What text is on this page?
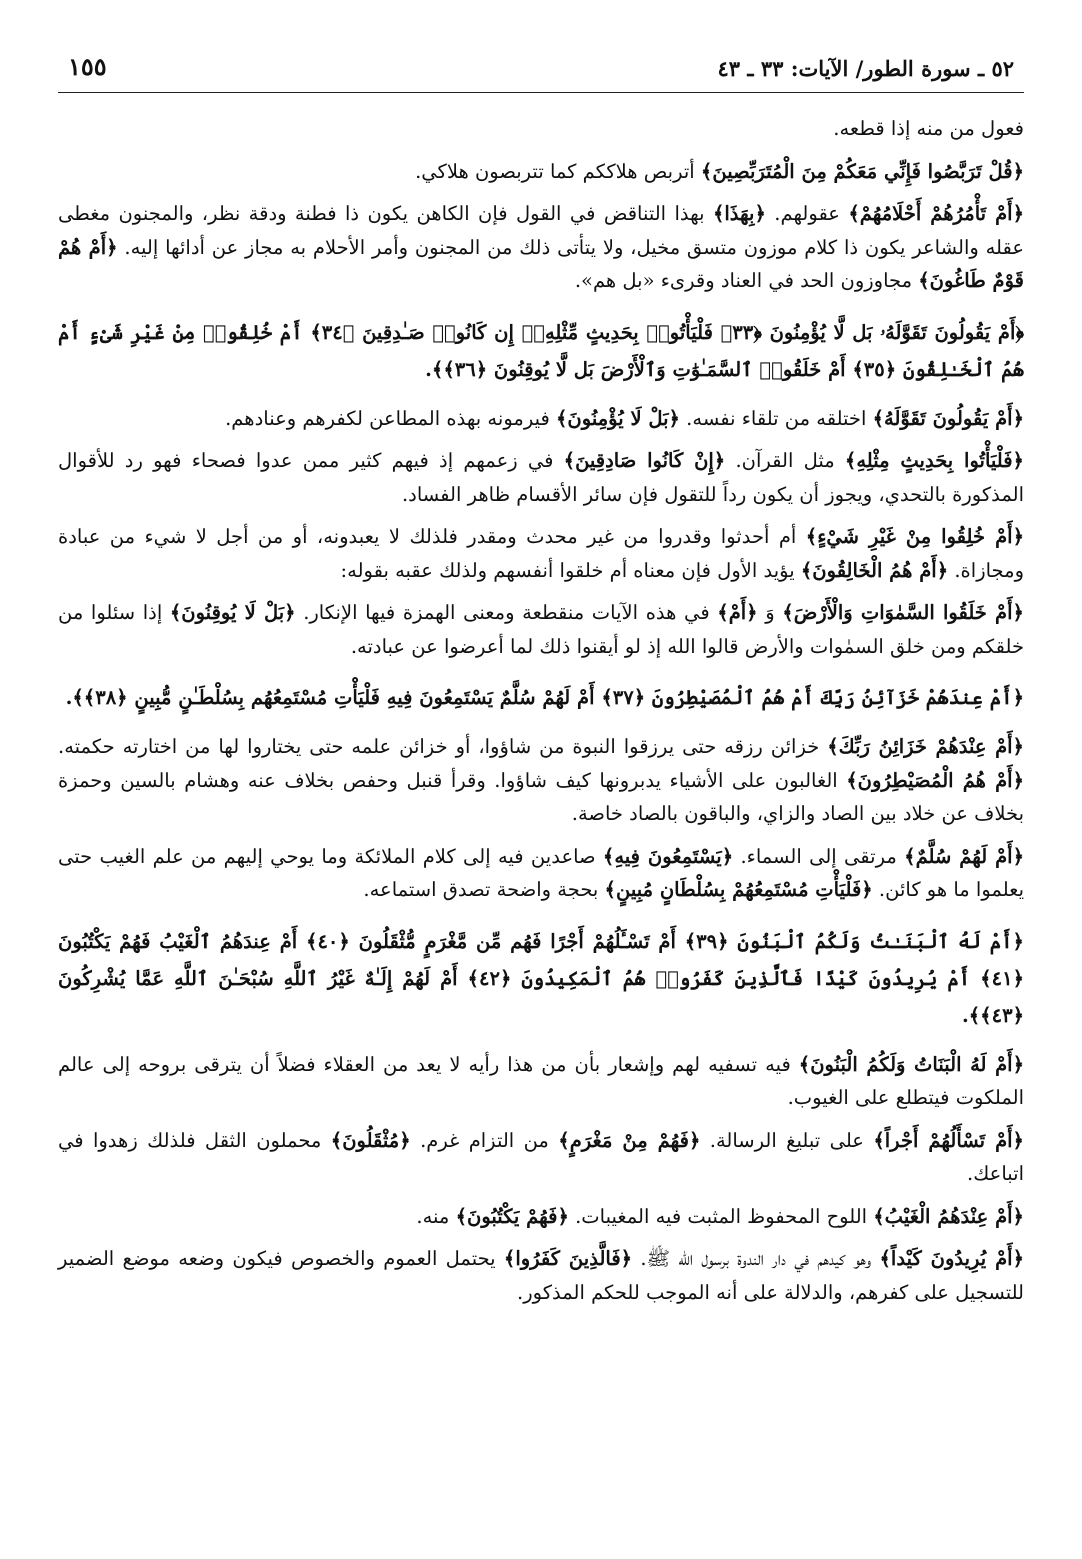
٥٢ ـ سورة الطور/ الآيات: ٣٣ ـ ٤٣
١٥٥

فعول من منه إذا قطعه.

﴿قُلْ تَرَبَّصُوا فَإِنِّي مَعَكُمْ مِنَ الْمُتَرَبِّصِينَ﴾ أتربص هلاككم كما تتربصون هلاكي.

﴿أَمْ تَأْمُرُهُمْ أَحْلَامُهُمْ﴾ عقولهم. ﴿بِهَذَا﴾ بهذا التناقض في القول فإن الكاهن يكون ذا فطنة ودقة نظر، والمجنون مغطى عقله والشاعر يكون ذا كلام موزون متسق مخيل، ولا يتأتى ذلك من المجنون وأمر الأحلام به مجاز عن أدائها إليه. ﴿أَمْ هُمْ قَوْمٌ طَاغُونَ﴾ مجاوزون الحد في العناد وقرىء «بل هم».

﴿أَمْ يَقُولُونَ تَقَوَّلَهُۥ بَل لَّا يُؤْمِنُونَ ﴿٣٣﴾ فَلْيَأْتُوا۟ بِحَدِيثٍ مِّثْلِهِۦٓ إِن كَانُوا۟ صَـٰدِقِينَ ﴿٣٤﴾ أَمْ خُلِقُوا۟ مِنْ غَيْرِ شَىْءٍ أَمْ هُمُ ٱلْخَـٰلِقُونَ ﴿٣٥﴾ أَمْ خَلَقُوا۟ ٱلسَّمَـٰوَٰتِ وَٱلْأَرْضَ بَل لَّا يُوقِنُونَ ﴿٣٦﴾﴾.

﴿أَمْ يَقُولُونَ تَقَوَّلَهُ﴾ اختلقه من تلقاء نفسه. ﴿بَلْ لَا يُؤْمِنُونَ﴾ فيرمونه بهذه المطاعن لكفرهم وعنادهم.

﴿فَلْيَأْتُوا بِحَدِيثٍ مِثْلِهِ﴾ مثل القرآن. ﴿إِنْ كَانُوا صَادِقِينَ﴾ في زعمهم إذ فيهم كثير ممن عدوا فصحاء فهو رد للأقوال المذكورة بالتحدي، ويجوز أن يكون رداً للتقول فإن سائر الأقسام ظاهر الفساد.

﴿أَمْ خُلِقُوا مِنْ غَيْرِ شَيْءٍ﴾ أم أحدثوا وقدروا من غير محدث ومقدر فلذلك لا يعبدونه، أو من أجل لا شيء من عبادة ومجازاة. ﴿أَمْ هُمُ الْخَالِقُونَ﴾ يؤيد الأول فإن معناه أم خلقوا أنفسهم ولذلك عقبه بقوله:

﴿أَمْ خَلَقُوا السَّمٰوَاتِ وَالْأَرْضَ﴾ وَ ﴿أَمْ﴾ في هذه الآيات منقطعة ومعنى الهمزة فيها الإنكار. ﴿بَلْ لَا يُوقِنُونَ﴾ إذا سئلوا من خلقكم ومن خلق السمٰوات والأرض قالوا الله إذ لو أيقنوا ذلك لما أعرضوا عن عبادته.

﴿أَمْ عِندَهُمْ خَزَآئِنُ رَبِّكَ أَمْ هُمُ ٱلْمُصَيْطِرُونَ ﴿٣٧﴾ أَمْ لَهُمْ سُلَّمٌ يَسْتَمِعُونَ فِيهِ فَلْيَأْتِ مُسْتَمِعُهُم بِسُلْطَـٰنٍ مُّبِينٍ ﴿٣٨﴾﴾.

﴿أَمْ عِنْدَهُمْ خَزَائِنُ رَبِّكَ﴾ خزائن رزقه حتى يرزقوا النبوة من شاؤوا، أو خزائن علمه حتى يختاروا لها من اختارته حكمته. ﴿أَمْ هُمُ الْمُصَيْطِرُونَ﴾ الغالبون على الأشياء يدبرونها كيف شاؤوا. وقرأ قنبل وحفص بخلاف عنه وهشام بالسين وحمزة بخلاف عن خلاد بين الصاد والزاي، والباقون بالصاد خاصة.

﴿أَمْ لَهُمْ سُلَّمٌ﴾ مرتقى إلى السماء. ﴿يَسْتَمِعُونَ فِيهِ﴾ صاعدين فيه إلى كلام الملائكة وما يوحي إليهم من علم الغيب حتى يعلموا ما هو كائن. ﴿فَلْيَأْتِ مُسْتَمِعُهُمْ بِسُلْطَانٍ مُبِينٍ﴾ بحجة واضحة تصدق استماعه.

﴿أَمْ لَهُ ٱلْبَنَـٰتُ وَلَكُمُ ٱلْبَنُونَ ﴿٣٩﴾ أَمْ تَسْـَٔلُهُمْ أَجْرًا فَهُم مِّن مَّغْرَمٍ مُّثْقَلُونَ ﴿٤٠﴾ أَمْ عِندَهُمُ ٱلْغَيْبُ فَهُمْ يَكْتُبُونَ ﴿٤١﴾ أَمْ يُرِيدُونَ كَيْدًا فَٱلَّذِينَ كَفَرُوا۟ هُمُ ٱلْمَكِيدُونَ ﴿٤٢﴾ أَمْ لَهُمْ إِلَـٰهٌ غَيْرُ ٱللَّهِ سُبْحَـٰنَ ٱللَّهِ عَمَّا يُشْرِكُونَ ﴿٤٣﴾﴾.

﴿أَمْ لَهُ الْبَنَاتُ وَلَكُمُ الْبَنُونَ﴾ فيه تسفيه لهم وإشعار بأن من هذا رأيه لا يعد من العقلاء فضلاً أن يترقى بروحه إلى عالم الملكوت فيتطلع على الغيوب.

﴿أَمْ تَسْأَلُهُمْ أَجْراً﴾ على تبليغ الرسالة. ﴿فَهُمْ مِنْ مَغْرَمٍ﴾ من التزام غرم. ﴿مُثْقَلُونَ﴾ محملون الثقل فلذلك زهدوا في اتباعك.

﴿أَمْ عِنْدَهُمُ الْغَيْبُ﴾ اللوح المحفوظ المثبت فيه المغيبات. ﴿فَهُمْ يَكْتُبُونَ﴾ منه.

﴿أَمْ يُرِيدُونَ كَيْداً﴾ وهو كيدهم في دار الندوة برسول الله ﷺ. ﴿فَالَّذِينَ كَفَرُوا﴾ يحتمل العموم والخصوص فيكون وضعه موضع الضمير للتسجيل على كفرهم، والدلالة على أنه الموجب للحكم المذكور.
